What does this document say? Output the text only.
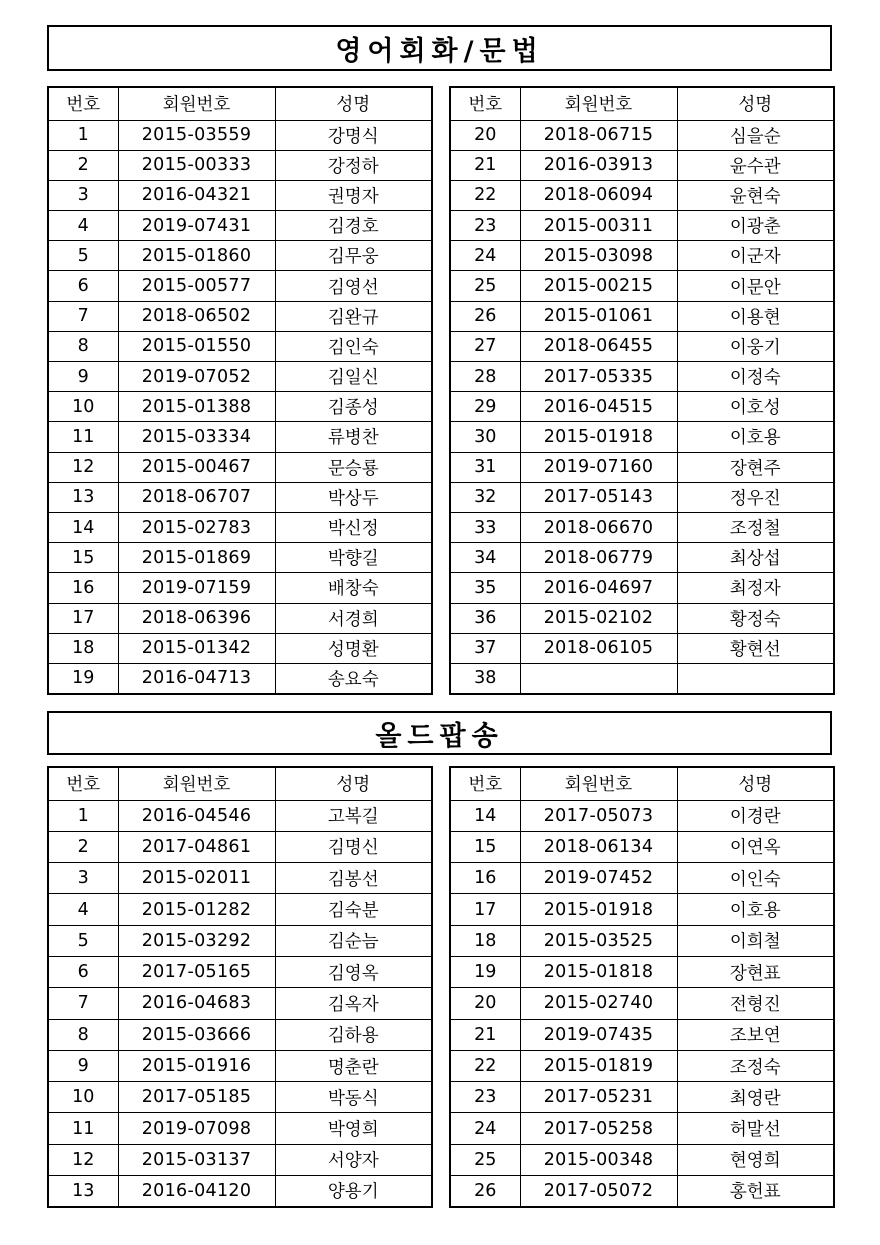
영어회화/문법
번호	회원번호	성명
1	2015-03559	강명식
2	2015-00333	강정하
3	2016-04321	권명자
4	2019-07431	김경호
5	2015-01860	김무웅
6	2015-00577	김영선
7	2018-06502	김완규
8	2015-01550	김인숙
9	2019-07052	김일신
10	2015-01388	김종성
11	2015-03334	류병찬
12	2015-00467	문승룡
13	2018-06707	박상두
14	2015-02783	박신정
15	2015-01869	박향길
16	2019-07159	배창숙
17	2018-06396	서경희
18	2015-01342	성명환
19	2016-04713	송요숙
번호	회원번호	성명
20	2018-06715	심을순
21	2016-03913	윤수관
22	2018-06094	윤현숙
23	2015-00311	이광춘
24	2015-03098	이군자
25	2015-00215	이문안
26	2015-01061	이용현
27	2018-06455	이웅기
28	2017-05335	이정숙
29	2016-04515	이호성
30	2015-01918	이호용
31	2019-07160	장현주
32	2017-05143	정우진
33	2018-06670	조정철
34	2018-06779	최상섭
35	2016-04697	최정자
36	2015-02102	황정숙
37	2018-06105	황현선
38		
올드팝송
번호	회원번호	성명
1	2016-04546	고복길
2	2017-04861	김명신
3	2015-02011	김봉선
4	2015-01282	김숙분
5	2015-03292	김순늠
6	2017-05165	김영옥
7	2016-04683	김옥자
8	2015-03666	김하용
9	2015-01916	명춘란
10	2017-05185	박동식
11	2019-07098	박영희
12	2015-03137	서양자
13	2016-04120	양용기
번호	회원번호	성명
14	2017-05073	이경란
15	2018-06134	이연옥
16	2019-07452	이인숙
17	2015-01918	이호용
18	2015-03525	이희철
19	2015-01818	장현표
20	2015-02740	전형진
21	2019-07435	조보연
22	2015-01819	조정숙
23	2017-05231	최영란
24	2017-05258	허말선
25	2015-00348	현영희
26	2017-05072	홍헌표
